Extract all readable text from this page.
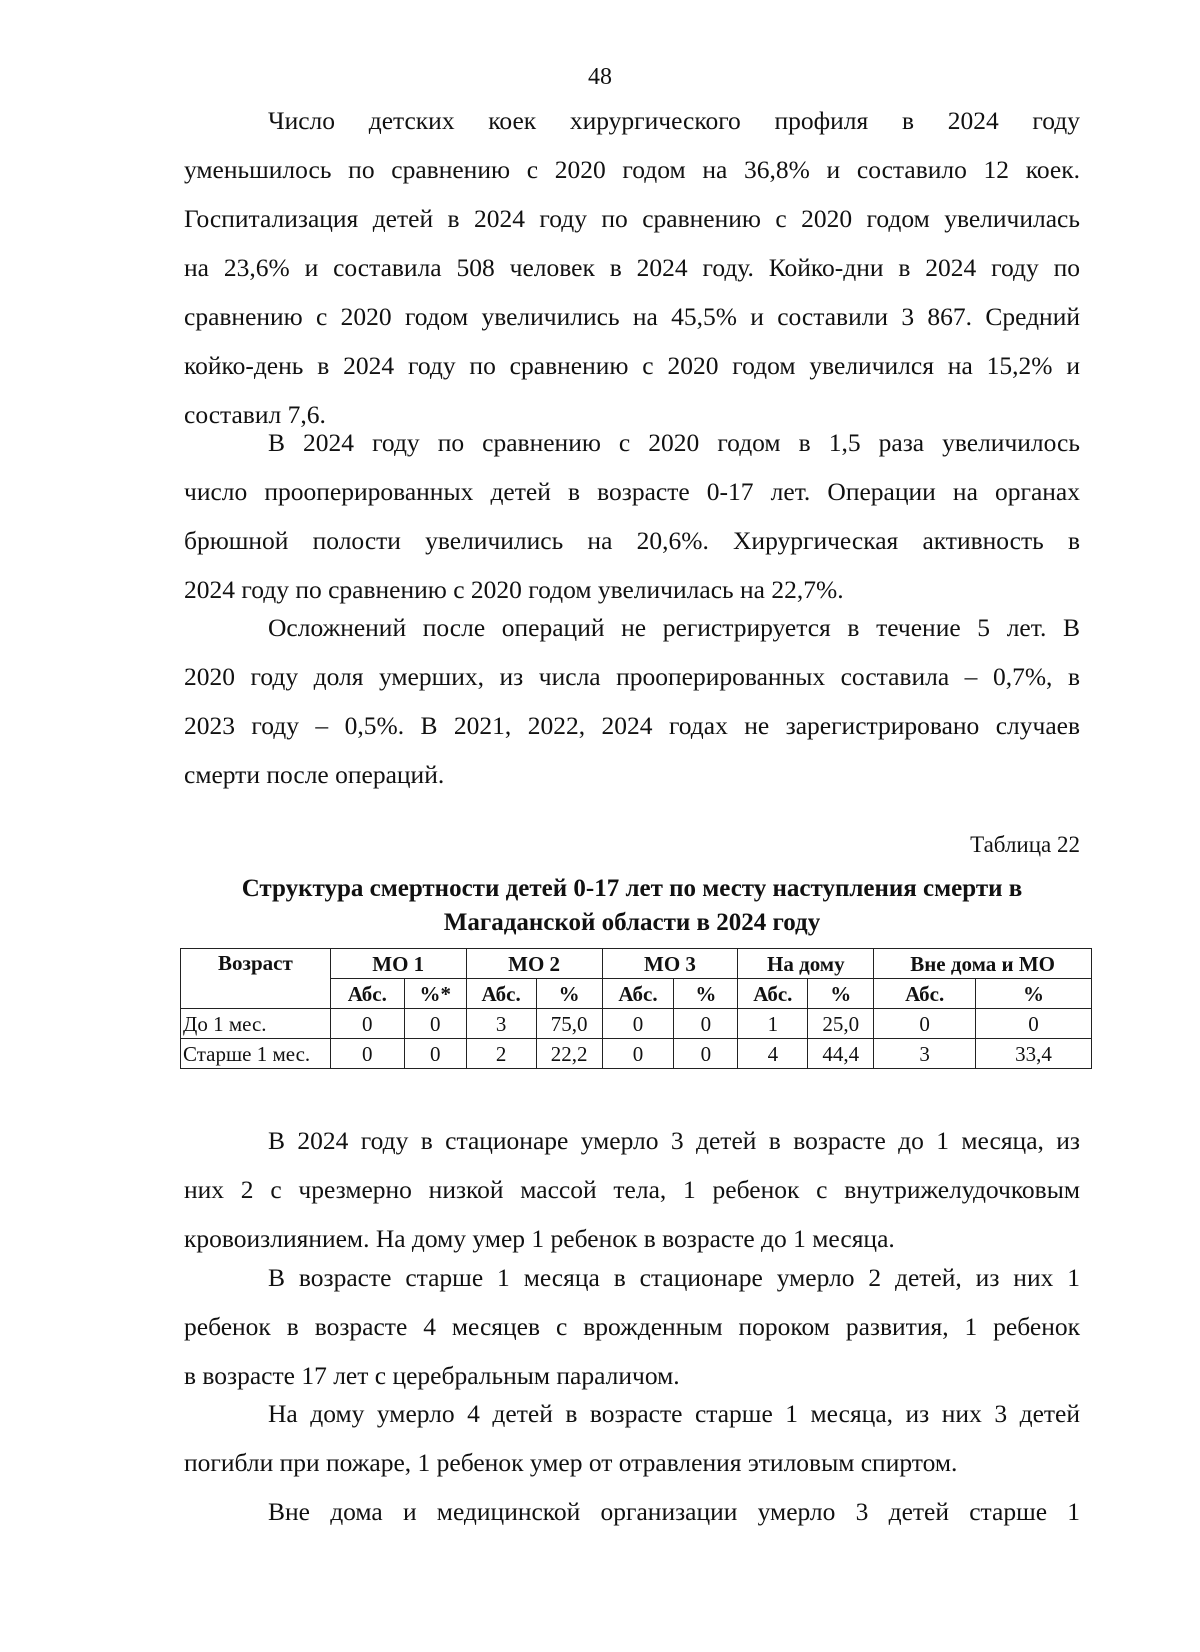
48
Число детских коек хирургического профиля в 2024 году
уменьшилось по сравнению с 2020 годом на 36,8% и составило 12 коек.
Госпитализация детей в 2024 году по сравнению с 2020 годом увеличилась
на 23,6% и составила 508 человек в 2024 году. Койко-дни в 2024 году по
сравнению с 2020 годом увеличились на 45,5% и составили 3 867. Средний
койко-день в 2024 году по сравнению с 2020 годом увеличился на 15,2% и
составил 7,6.
В 2024 году по сравнению с 2020 годом в 1,5 раза увеличилось
число прооперированных детей в возрасте 0-17 лет. Операции на органах
брюшной полости увеличились на 20,6%. Хирургическая активность в
2024 году по сравнению с 2020 годом увеличилась на 22,7%.
Осложнений после операций не регистрируется в течение 5 лет. В
2020 году доля умерших, из числа прооперированных составила – 0,7%, в
2023 году – 0,5%. В 2021, 2022, 2024 годах не зарегистрировано случаев
смерти после операций.
Таблица 22
Структура смертности детей 0-17 лет по месту наступления смерти в
Магаданской области в 2024 году
Возраст	МО 1		МО 2		МО 3		На дому		Вне дома и МО	
	Абс.	%*	Абс.	%	Абс.	%	Абс.	%	Абс.	%
До 1 мес.	0	0	3	75,0	0	0	1	25,0	0	0
Старше 1 мес.	0	0	2	22,2	0	0	4	44,4	3	33,4
В 2024 году в стационаре умерло 3 детей в возрасте до 1 месяца, из
них 2 с чрезмерно низкой массой тела, 1 ребенок с внутрижелудочковым
кровоизлиянием. На дому умер 1 ребенок в возрасте до 1 месяца.
В возрасте старше 1 месяца в стационаре умерло 2 детей, из них 1
ребенок в возрасте 4 месяцев с врожденным пороком развития, 1 ребенок
в возрасте 17 лет с церебральным параличом.
На дому умерло 4 детей в возрасте старше 1 месяца, из них 3 детей
погибли при пожаре, 1 ребенок умер от отравления этиловым спиртом.
Вне дома и медицинской организации умерло 3 детей старше 1
